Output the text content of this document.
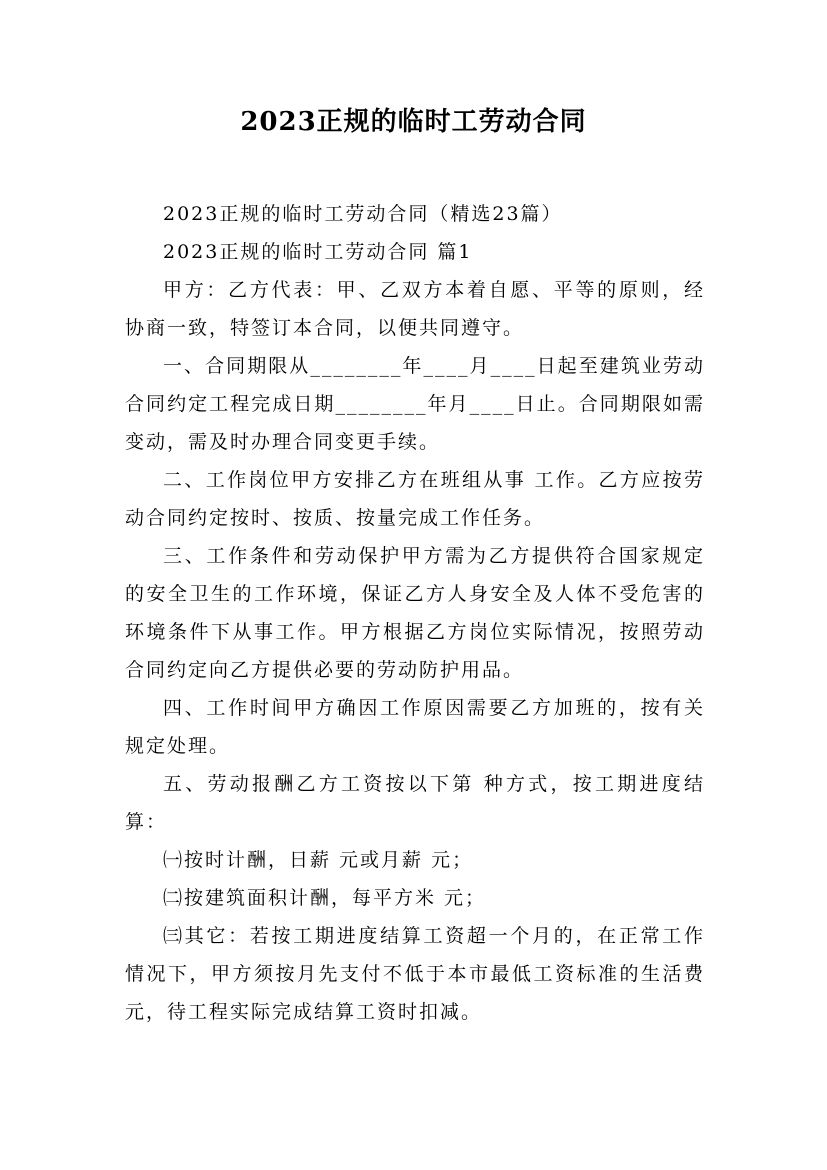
2023正规的临时工劳动合同

2023正规的临时工劳动合同（精选23篇）

2023正规的临时工劳动合同 篇1

甲方：乙方代表：甲、乙双方本着自愿、平等的原则，经协商一致，特签订本合同，以便共同遵守。

一、合同期限从________年____月____日起至建筑业劳动合同约定工程完成日期________年月____日止。合同期限如需变动，需及时办理合同变更手续。

二、工作岗位甲方安排乙方在班组从事 工作。乙方应按劳动合同约定按时、按质、按量完成工作任务。

三、工作条件和劳动保护甲方需为乙方提供符合国家规定的安全卫生的工作环境，保证乙方人身安全及人体不受危害的环境条件下从事工作。甲方根据乙方岗位实际情况，按照劳动合同约定向乙方提供必要的劳动防护用品。

四、工作时间甲方确因工作原因需要乙方加班的，按有关规定处理。

五、劳动报酬乙方工资按以下第 种方式，按工期进度结算：

㈠按时计酬，日薪 元或月薪 元；

㈡按建筑面积计酬，每平方米 元；

㈢其它：若按工期进度结算工资超一个月的，在正常工作情况下，甲方须按月先支付不低于本市最低工资标准的生活费元，待工程实际完成结算工资时扣减。
